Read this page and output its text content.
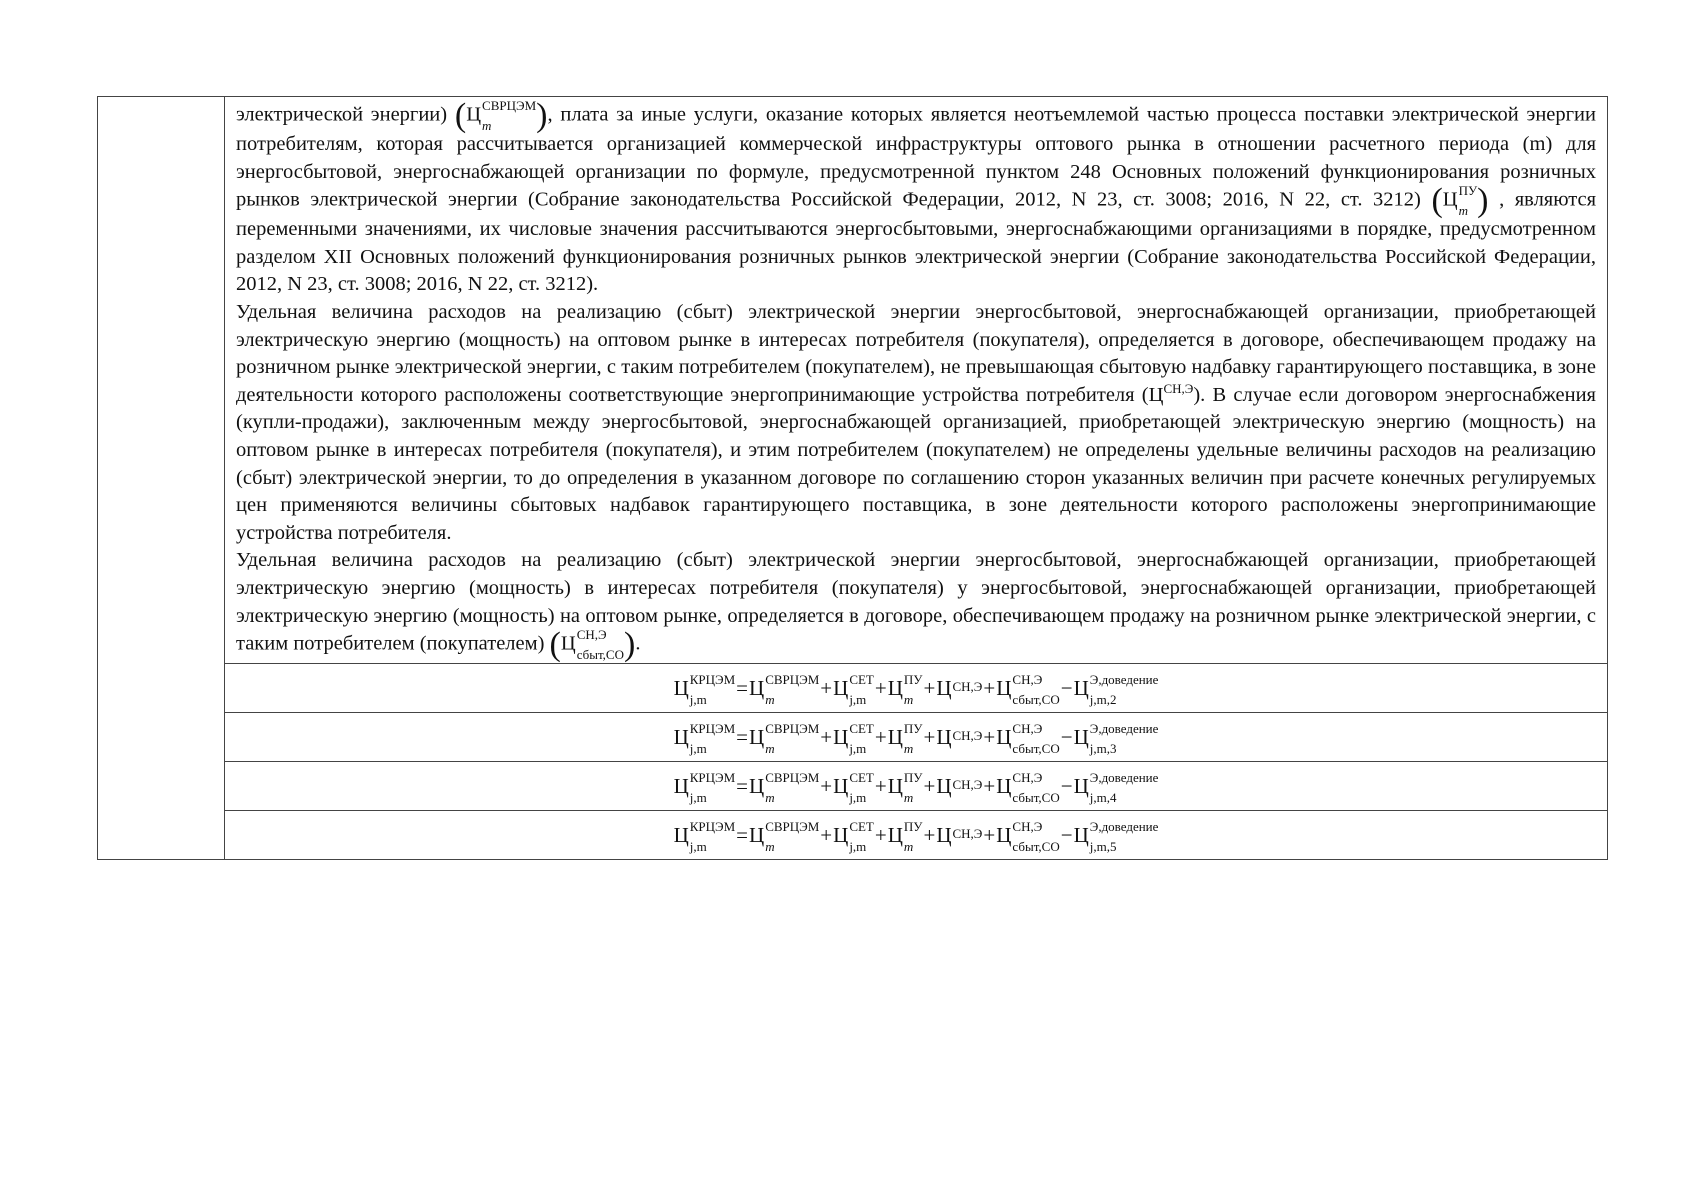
электрической энергии) (Ц СВРЦЭМ
m	), плата за иные услуги, оказание которых является неотъемлемой частью процесса поставки электрической энергии потребителям, которая рассчитывается организацией коммерческой инфраструктуры оптового рынка в отношении расчетного периода (m) для энергосбытовой, энергоснабжающей организации по формуле, предусмотренной пунктом 248 Основных положений функционирования розничных рынков электрической энергии (Собрание законодательства Российской Федерации, 2012, N 23, ст. 3008; 2016, N 22, ст. 3212) (Ц ПУ
m ) , являются переменными значениями, их числовые значения рассчитываются энергосбытовыми, энергоснабжающими организациями в порядке, предусмотренном разделом XII Основных положений функционирования розничных рынков электрической энергии (Собрание законодательства Российской Федерации, 2012, N 23, ст. 3008; 2016, N 22, ст. 3212).

Удельная величина расходов на реализацию (сбыт) электрической энергии энергосбытовой, энергоснабжающей организации, приобретающей электрическую энергию (мощность) на оптовом рынке в интересах потребителя (покупателя), определяется в договоре, обеспечивающем продажу на розничном рынке электрической энергии, с таким потребителем (покупателем), не превышающая сбытовую надбавку гарантирующего поставщика, в зоне деятельности которого расположены соответствующие энергопринимающие устройства потребителя $(Ц^{СН,Э})$. В случае если договором энергоснабжения (купли-продажи), заключенным между энергосбытовой, энергоснабжающей организацией, приобретающей электрическую энергию (мощность) на оптовом рынке в интересах потребителя (покупателя), и этим потребителем (покупателем) не определены удельные величины расходов на реализацию (сбыт) электрической энергии, то до определения в указанном договоре по соглашению сторон указанных величин при расчете конечных регулируемых цен применяются величины сбытовых надбавок гарантирующего поставщика, в зоне деятельности которого расположены энергопринимающие устройства потребителя.

Удельная величина расходов на реализацию (сбыт) электрической энергии энергосбытовой, энергоснабжающей организации, приобретающей электрическую энергию (мощность) в интересах потребителя (покупателя) у энергосбытовой, энергоснабжающей организации, приобретающей электрическую энергию (мощность) на оптовом рынке, определяется в договоре, обеспечивающем продажу на розничном рынке электрической энергии, с таким потребителем (покупателем) (Ц СН,Э
сбыт,СО ).

Ц КРЦЭМ
j,m	=Ц СВРЦЭМ
m	+Ц СЕТ
j,m +Ц ПУ
m +Ц СН,Э +Ц СН,Э
сбыт,СО −Ц Э,доведение
j,m,2

Ц КРЦЭМ
j,m	=Ц СВРЦЭМ
m	+Ц СЕТ
j,m +Ц ПУ
m +Ц СН,Э +Ц СН,Э
сбыт,СО −Ц Э,доведение
j,m,3

Ц КРЦЭМ
j,m	=Ц СВРЦЭМ
m	+Ц СЕТ
j,m +Ц ПУ
m +Ц СН,Э +Ц СН,Э
сбыт,СО −Ц Э,доведение
j,m,4

Ц КРЦЭМ
j,m	=Ц СВРЦЭМ
m	+Ц СЕТ
j,m +Ц ПУ
m +Ц СН,Э +Ц СН,Э
сбыт,СО −Ц Э,доведение
j,m,5
